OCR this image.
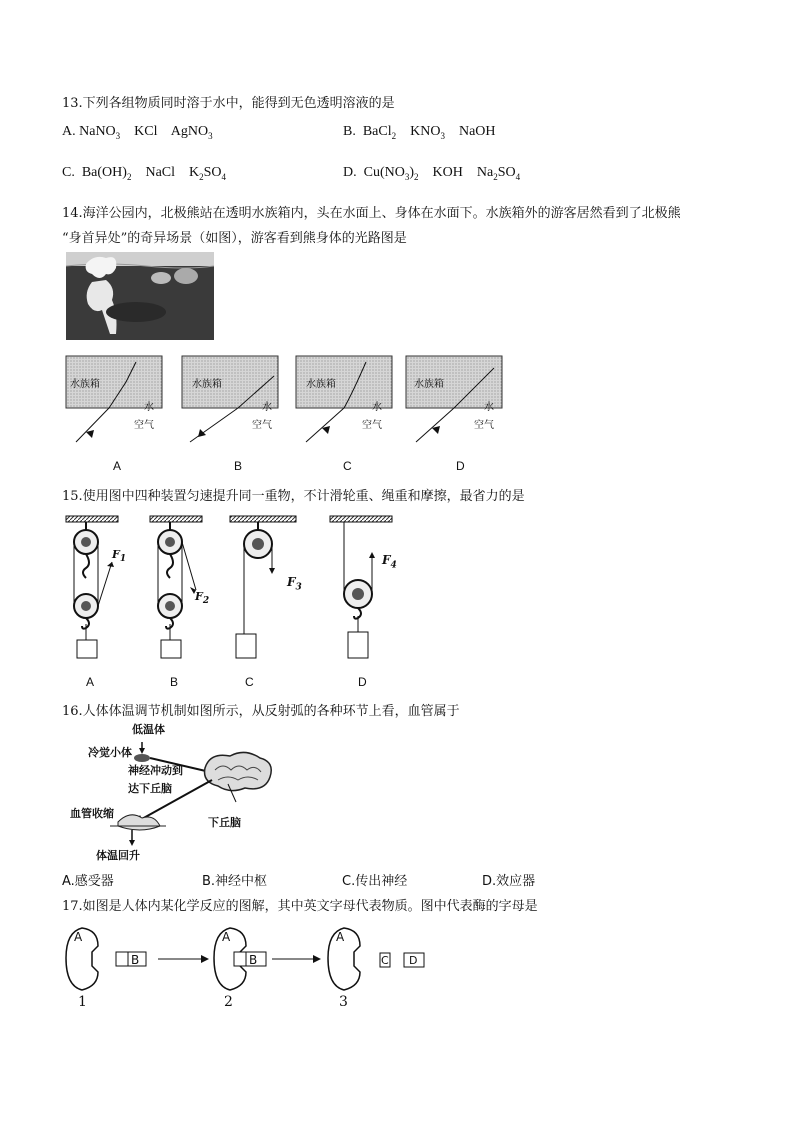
13.下列各组物质同时溶于水中，能得到无色透明溶液的是
A. NaNO$_3$ KCl AgNO$_3$	B. BaCl$_2$ $KNO_3$ NaOH
C. $Ba(OH)_2$ NaCl $K_2SO_4$	D. $Cu(NO_3)_2$ KOH $Na_2SO_4$
14.海洋公园内，北极熊站在透明水族箱内，头在水面上、身体在水面下。水族箱外的游客居然看到了北极熊
“身首异处”的奇异场景（如图），游客看到熊身体的光路图是
水族箱
水
空气
水族箱
水
空气
水族箱
水
空气
水族箱
水
空气
A	B	C	D
15.使用图中四种装置匀速提升同一重物，不计滑轮重、绳重和摩擦，最省力的是
$F_1$
$F_2$
$F_3$
$F_4$
A	B	C	D
16.人体体温调节机制如图所示，从反射弧的各种环节上看，血管属于
低温体
冷觉小体
神经冲动到
达下丘脑
血管收缩
下丘脑
体温回升
A.感受器	B.神经中枢	C.传出神经	D.效应器
17.如图是人体内某化学反应的图解，其中英文字母代表物质。图中代表酶的字母是
A
B
A
B
A
C D
1	2	3
